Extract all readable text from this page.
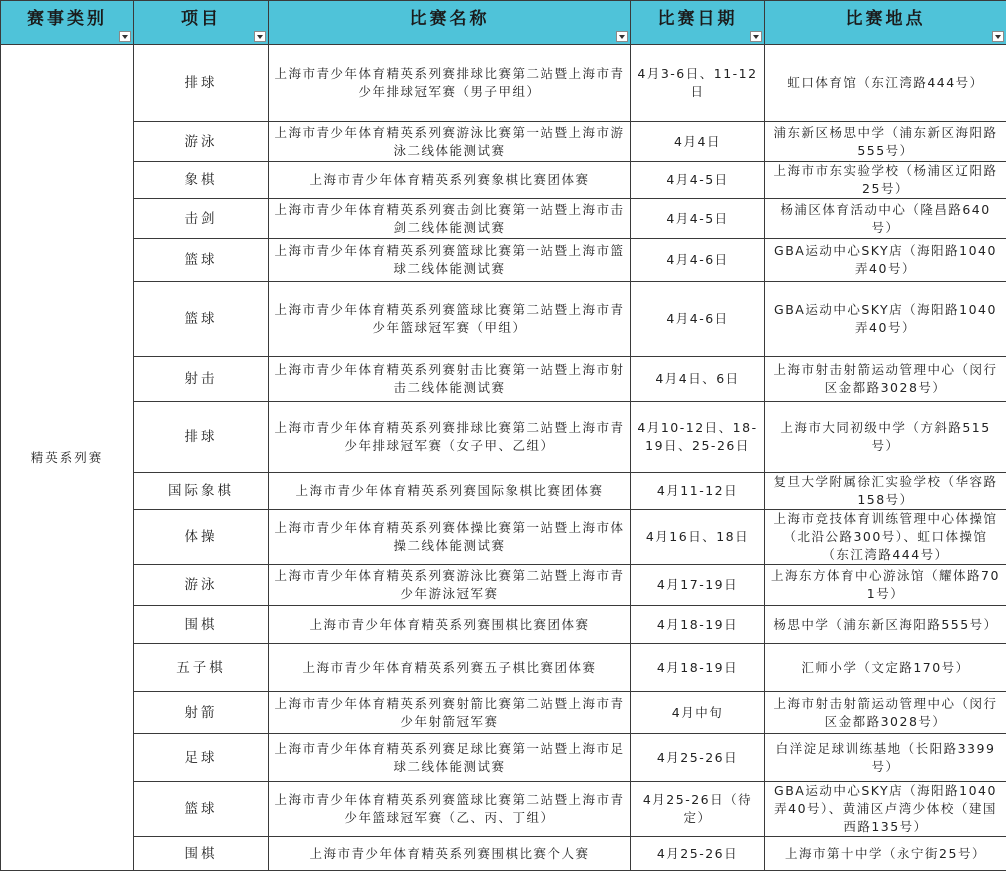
赛事类别	项目	比赛名称	比赛日期	比赛地点

精英系列赛	排球	上海市青少年体育精英系列赛排球比赛第二站暨上海市青少年排球冠军赛（男子甲组）	4月3-6日、11-12日	虹口体育馆（东江湾路444号）
	游泳	上海市青少年体育精英系列赛游泳比赛第一站暨上海市游泳二线体能测试赛	4月4日	浦东新区杨思中学（浦东新区海阳路555号）
	象棋	上海市青少年体育精英系列赛象棋比赛团体赛	4月4-5日	上海市市东实验学校（杨浦区辽阳路25号）
	击剑	上海市青少年体育精英系列赛击剑比赛第一站暨上海市击剑二线体能测试赛	4月4-5日	杨浦区体育活动中心（隆昌路640号）
	篮球	上海市青少年体育精英系列赛篮球比赛第一站暨上海市篮球二线体能测试赛	4月4-6日	GBA运动中心SKY店（海阳路1040弄40号）
	篮球	上海市青少年体育精英系列赛篮球比赛第二站暨上海市青少年篮球冠军赛（甲组）	4月4-6日	GBA运动中心SKY店（海阳路1040弄40号）
	射击	上海市青少年体育精英系列赛射击比赛第一站暨上海市射击二线体能测试赛	4月4日、6日	上海市射击射箭运动管理中心（闵行区金都路3028号）
	排球	上海市青少年体育精英系列赛排球比赛第二站暨上海市青少年排球冠军赛（女子甲、乙组）	4月10-12日、18-19日、25-26日	上海市大同初级中学（方斜路515号）
	国际象棋	上海市青少年体育精英系列赛国际象棋比赛团体赛	4月11-12日	复旦大学附属徐汇实验学校（华容路158号）
	体操	上海市青少年体育精英系列赛体操比赛第一站暨上海市体操二线体能测试赛	4月16日、18日	上海市竞技体育训练管理中心体操馆（北沿公路300号）、虹口体操馆（东江湾路444号）
	游泳	上海市青少年体育精英系列赛游泳比赛第二站暨上海市青少年游泳冠军赛	4月17-19日	上海东方体育中心游泳馆（耀体路701号）
	围棋	上海市青少年体育精英系列赛围棋比赛团体赛	4月18-19日	杨思中学（浦东新区海阳路555号）
	五子棋	上海市青少年体育精英系列赛五子棋比赛团体赛	4月18-19日	汇师小学（文定路170号）
	射箭	上海市青少年体育精英系列赛射箭比赛第二站暨上海市青少年射箭冠军赛	4月中旬	上海市射击射箭运动管理中心（闵行区金都路3028号）
	足球	上海市青少年体育精英系列赛足球比赛第一站暨上海市足球二线体能测试赛	4月25-26日	白洋淀足球训练基地（长阳路3399号）
	篮球	上海市青少年体育精英系列赛篮球比赛第二站暨上海市青少年篮球冠军赛（乙、丙、丁组）	4月25-26日（待定）	GBA运动中心SKY店（海阳路1040弄40号）、黄浦区卢湾少体校（建国西路135号）
	围棋	上海市青少年体育精英系列赛围棋比赛个人赛	4月25-26日	上海市第十中学（永宁街25号）
